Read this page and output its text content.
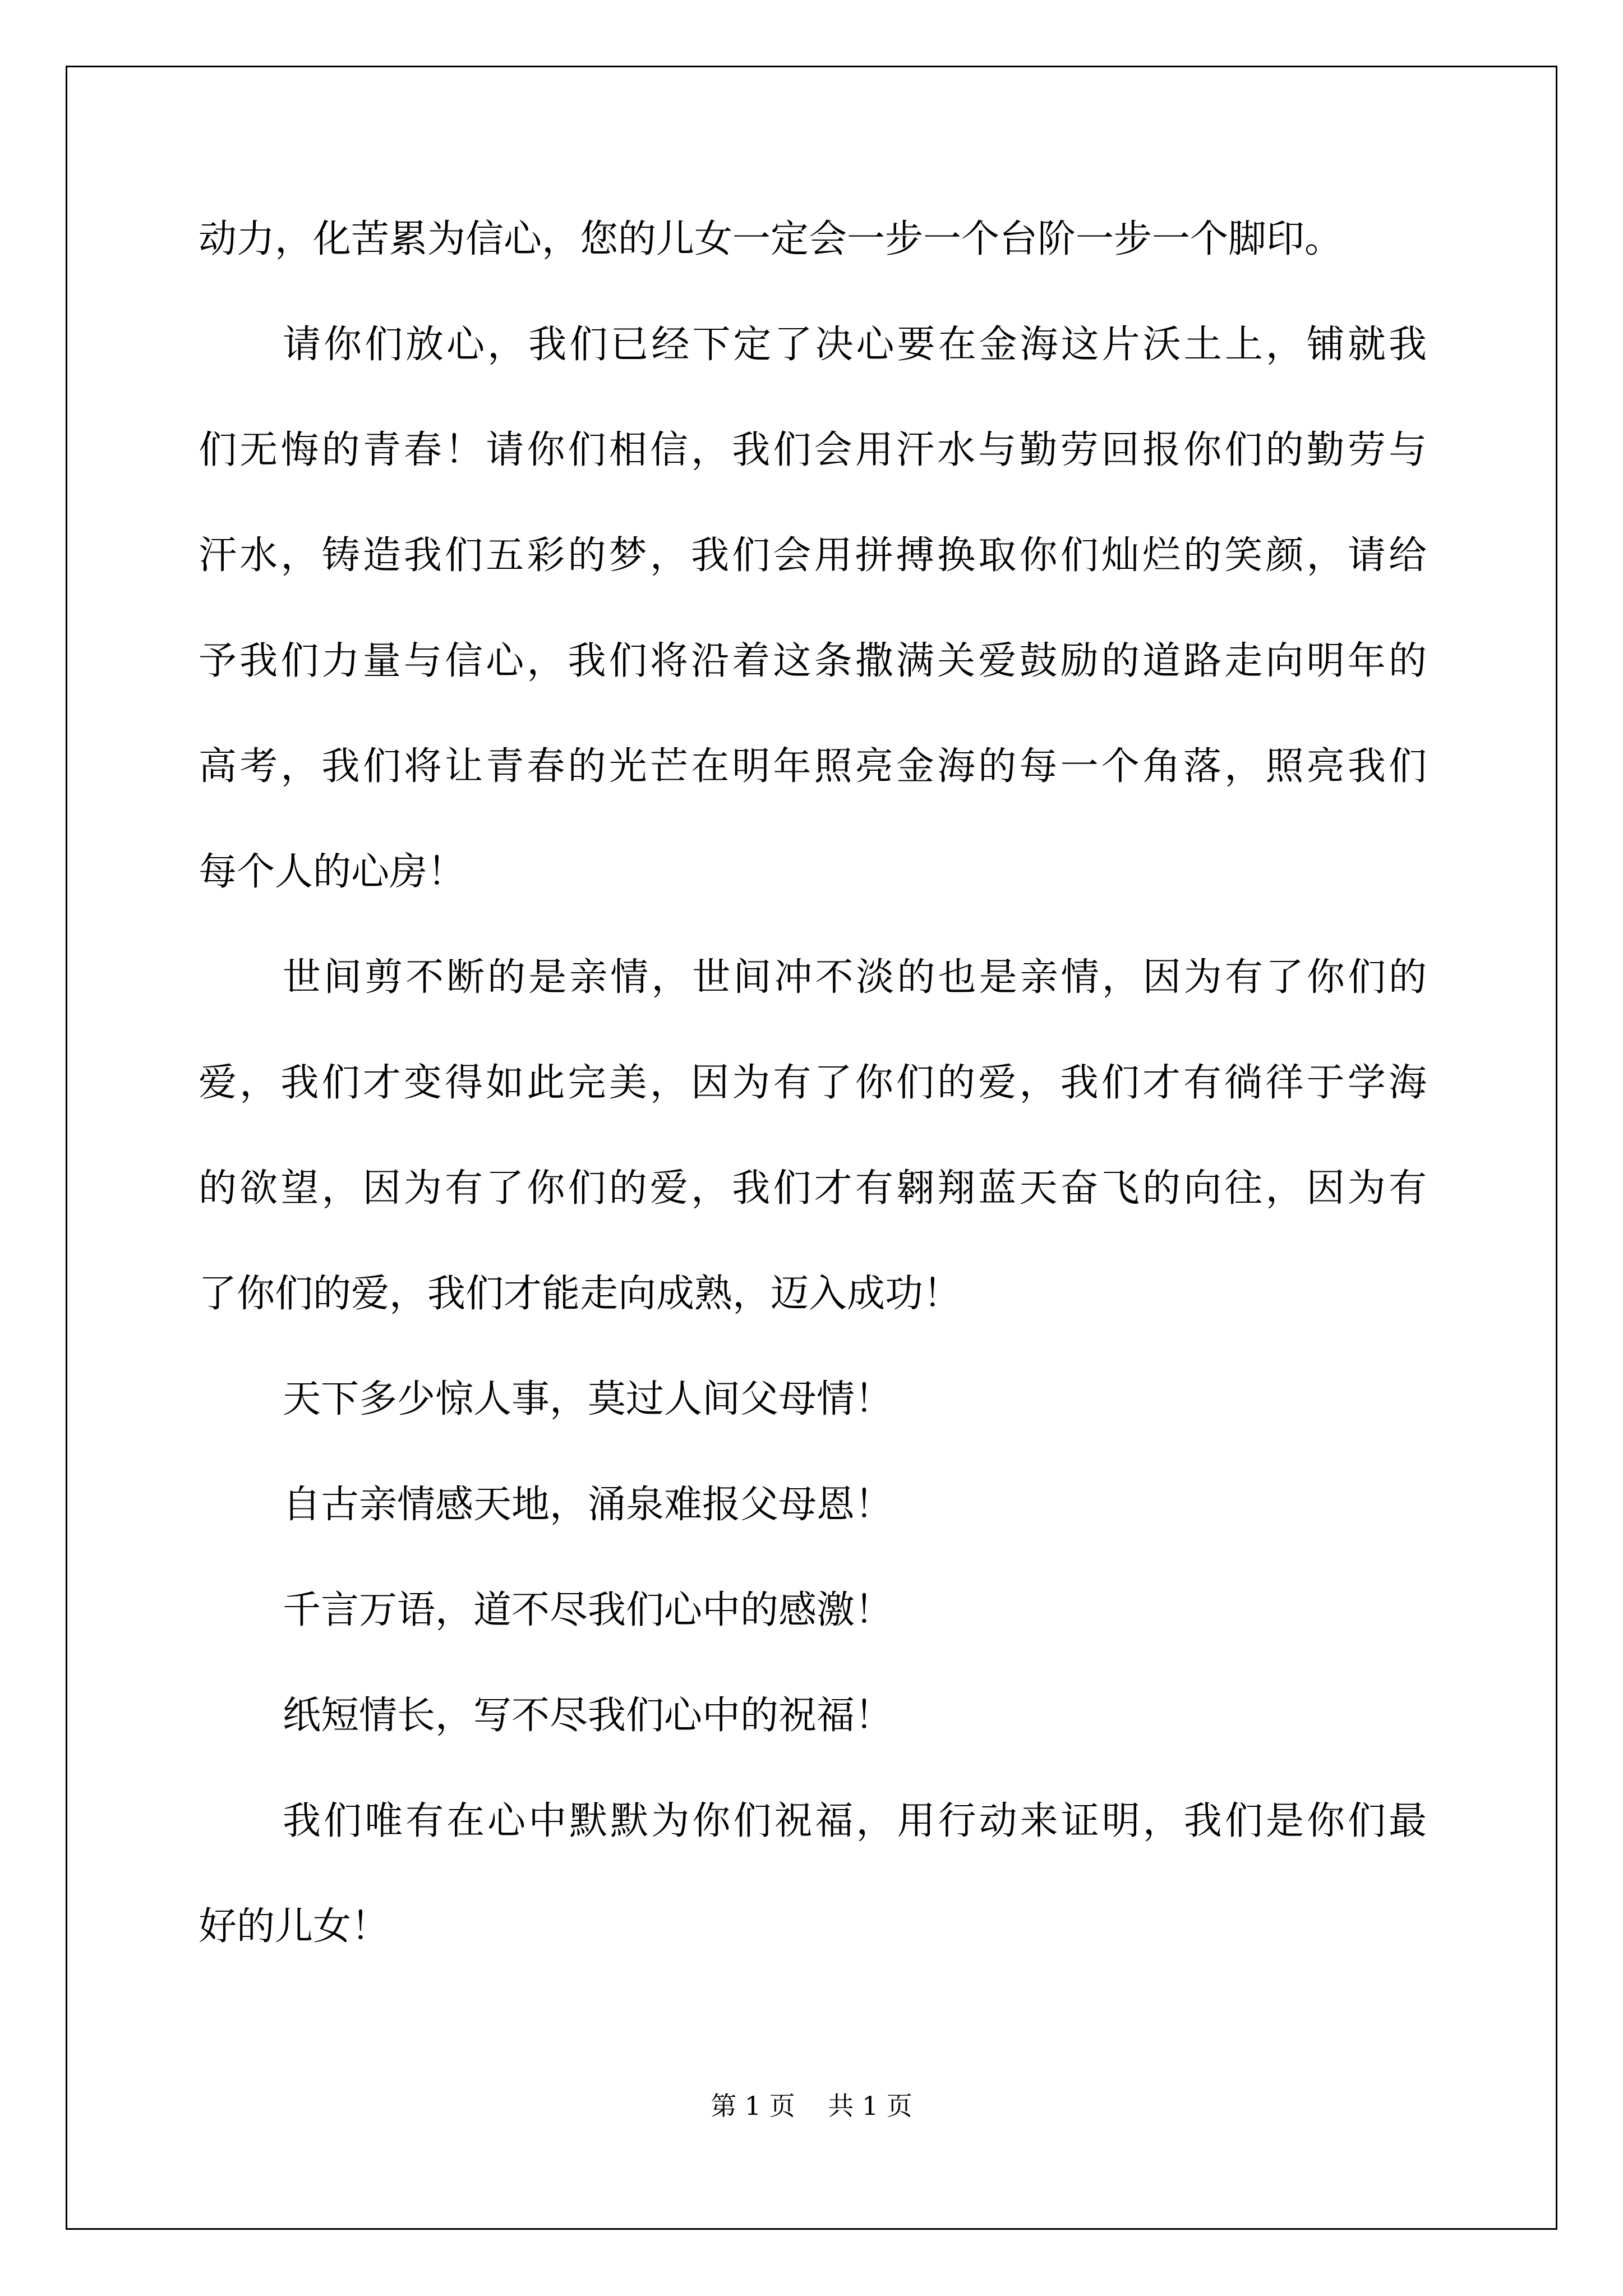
动力，化苦累为信心，您的儿女一定会一步一个台阶一步一个脚印。
请你们放心，我们已经下定了决心要在金海这片沃土上，铺就我
们无悔的青春！请你们相信，我们会用汗水与勤劳回报你们的勤劳与
汗水，铸造我们五彩的梦，我们会用拼搏换取你们灿烂的笑颜，请给
予我们力量与信心，我们将沿着这条撒满关爱鼓励的道路走向明年的
高考，我们将让青春的光芒在明年照亮金海的每一个角落，照亮我们
每个人的心房！
世间剪不断的是亲情，世间冲不淡的也是亲情，因为有了你们的
爱，我们才变得如此完美，因为有了你们的爱，我们才有徜徉于学海
的欲望，因为有了你们的爱，我们才有翱翔蓝天奋飞的向往，因为有
了你们的爱，我们才能走向成熟，迈入成功！
天下多少惊人事，莫过人间父母情！
自古亲情感天地，涌泉难报父母恩！
千言万语，道不尽我们心中的感激！
纸短情长，写不尽我们心中的祝福！
我们唯有在心中默默为你们祝福，用行动来证明，我们是你们最
好的儿女！
第 1 页    共 1 页
